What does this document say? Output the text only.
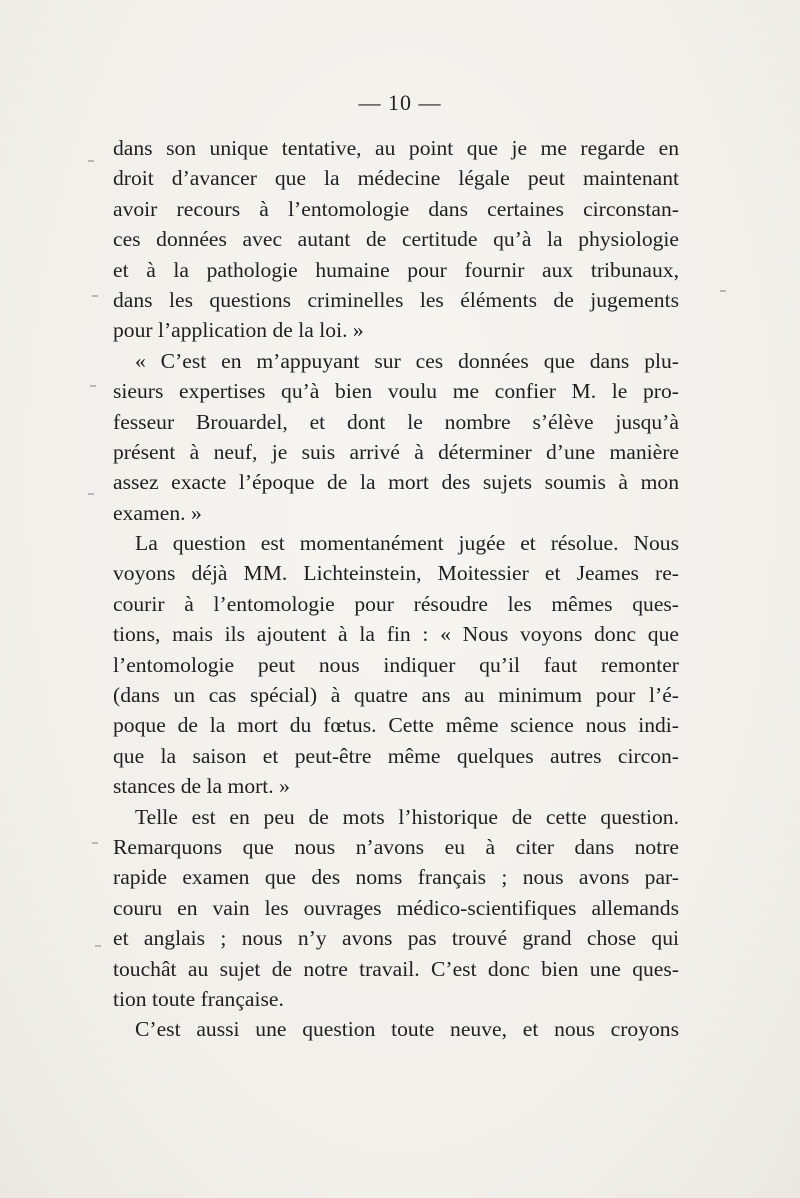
— 10 —
dans son unique tentative, au point que je me regarde en
droit d’avancer que la médecine légale peut maintenant
avoir recours à l’entomologie dans certaines circonstan-
ces données avec autant de certitude qu’à la physiologie
et à la pathologie humaine pour fournir aux tribunaux,
dans les questions criminelles les éléments de jugements
pour l’application de la loi. »
« C’est en m’appuyant sur ces données que dans plu-
sieurs expertises qu’à bien voulu me confier M. le pro-
fesseur Brouardel, et dont le nombre s’élève jusqu’à
présent à neuf, je suis arrivé à déterminer d’une manière
assez exacte l’époque de la mort des sujets soumis à mon
examen. »
La question est momentanément jugée et résolue. Nous
voyons déjà MM. Lichteinstein, Moitessier et Jeames re-
courir à l’entomologie pour résoudre les mêmes ques-
tions, mais ils ajoutent à la fin : « Nous voyons donc que
l’entomologie peut nous indiquer qu’il faut remonter
(dans un cas spécial) à quatre ans au minimum pour l’é-
poque de la mort du fœtus. Cette même science nous indi-
que la saison et peut-être même quelques autres circon-
stances de la mort. »
Telle est en peu de mots l’historique de cette question.
Remarquons que nous n’avons eu à citer dans notre
rapide examen que des noms français ; nous avons par-
couru en vain les ouvrages médico-scientifiques allemands
et anglais ; nous n’y avons pas trouvé grand chose qui
touchât au sujet de notre travail. C’est donc bien une ques-
tion toute française.
C’est aussi une question toute neuve, et nous croyons
